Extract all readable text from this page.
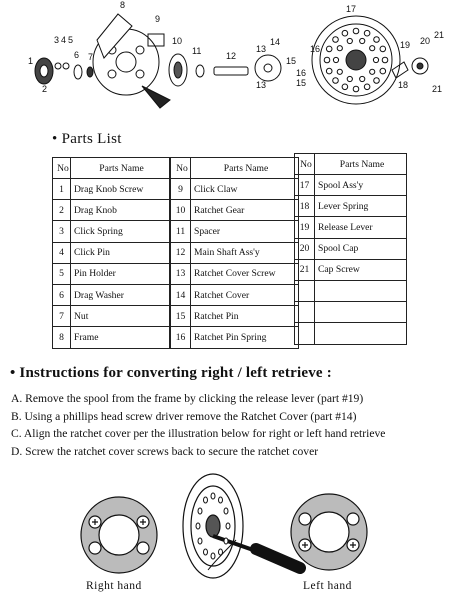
1
2
3 4 5
6 7
8
9
10
11	12
13
13
14
15
15
16
16
17
18
19 20
21
21
• Parts List
No	Parts Name
1	Drag Knob Screw
2	Drag Knob
3	Click Spring
4	Click Pin
5	Pin Holder
6	Drag Washer
7	Nut
8	Frame
No	Parts Name
9	Click Claw
10	Ratchet Gear
11	Spacer
12	Main Shaft Ass'y
13	Ratchet Cover Screw
14	Ratchet Cover
15	Ratchet Pin
16	Ratchet Pin Spring
No	Parts Name
17	Spool Ass'y
18	Lever Spring
19	Release Lever
20	Spool Cap
21	Cap Screw

• Instructions for converting right / left retrieve :
A. Remove the spool from the frame by clicking the release lever (part #19)
B. Using a phillips head screw driver remove the Ratchet Cover (part #14)
C. Align the ratchet cover per the illustration below for right or left hand retrieve
D. Screw the ratchet cover screws back to secure the ratchet cover
Right hand	Left hand
